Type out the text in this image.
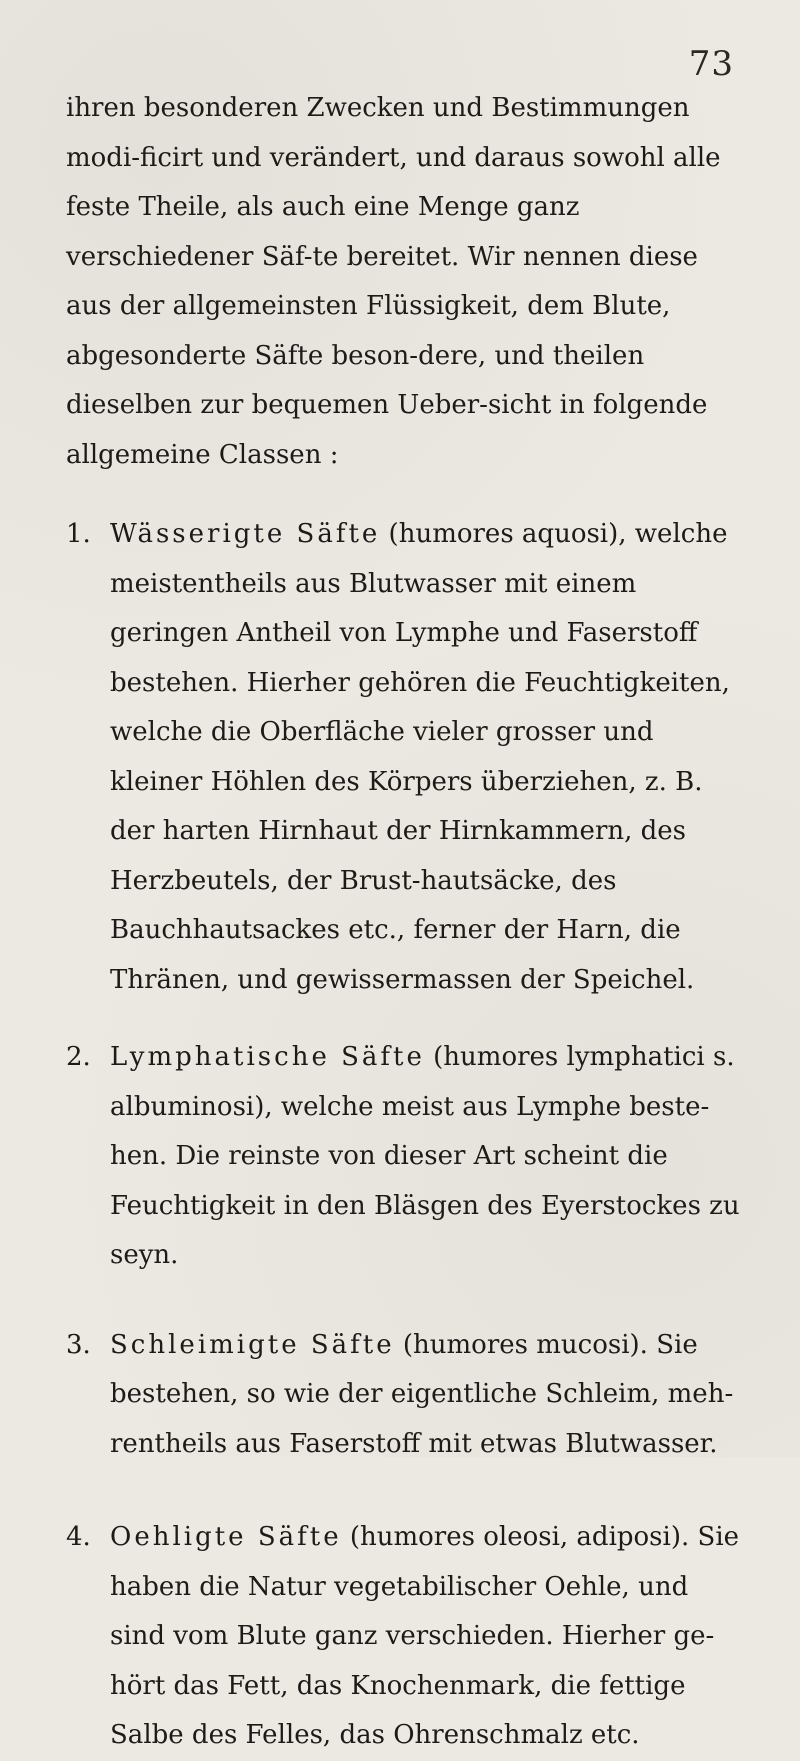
73

ihren besonderen Zwecken und Bestimmungen modi-ficirt und verändert, und daraus sowohl alle feste Theile, als auch eine Menge ganz verschiedener Säf-te bereitet. Wir nennen diese aus der allgemeinsten Flüssigkeit, dem Blute, abgesonderte Säfte beson-dere, und theilen dieselben zur bequemen Ueber-sicht in folgende allgemeine Classen :

1. Wässerigte Säfte (humores aquosi), welche meistentheils aus Blutwasser mit einem geringen Antheil von Lymphe und Faserstoff bestehen. Hierher gehören die Feuchtigkeiten, welche die Oberfläche vieler grosser und kleiner Höhlen des Körpers überziehen, z. B. der harten Hirnhaut der Hirnkammern, des Herzbeutels, der Brust-hautsäcke, des Bauchhautsackes etc., ferner der Harn, die Thränen, und gewissermassen der Speichel.

2. Lymphatische Säfte (humores lymphatici s. albuminosi), welche meist aus Lymphe beste-hen. Die reinste von dieser Art scheint die Feuchtigkeit in den Bläsgen des Eyerstockes zu seyn.

3. Schleimigte Säfte (humores mucosi). Sie bestehen, so wie der eigentliche Schleim, meh-rentheils aus Faserstoff mit etwas Blutwasser.

4. Oehligte Säfte (humores oleosi, adiposi). Sie haben die Natur vegetabilischer Oehle, und sind vom Blute ganz verschieden. Hierher ge-hört das Fett, das Knochenmark, die fettige Salbe des Felles, das Ohrenschmalz etc.
